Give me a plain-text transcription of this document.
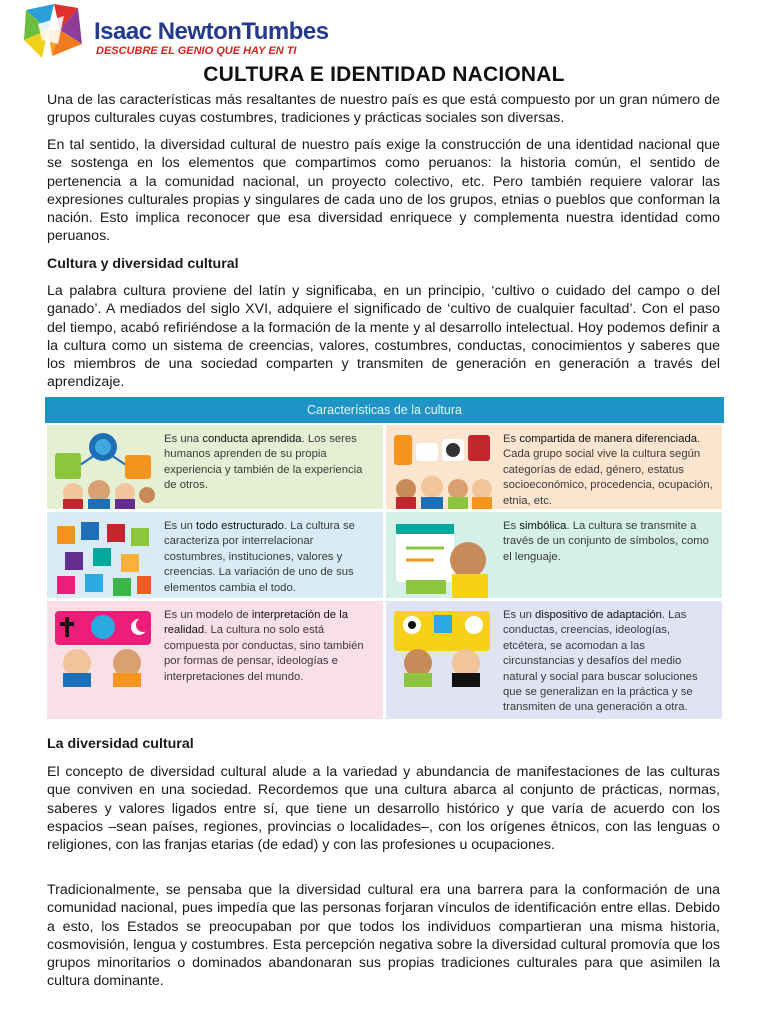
Isaac NewtonTumbes
DESCUBRE EL GENIO QUE HAY EN TI
CULTURA E IDENTIDAD NACIONAL

Una de las características más resaltantes de nuestro país es que está compuesto por un gran número de grupos culturales cuyas costumbres, tradiciones y prácticas sociales son diversas.

En tal sentido, la diversidad cultural de nuestro país exige la construcción de una identidad nacional que se sostenga en los elementos que compartimos como peruanos: la historia común, el sentido de pertenencia a la comunidad nacional, un proyecto colectivo, etc. Pero también requiere valorar las expresiones culturales propias y singulares de cada uno de los grupos, etnias o pueblos que conforman la nación. Esto implica reconocer que esa diversidad enriquece y complementa nuestra identidad como peruanos.

Cultura y diversidad cultural

La palabra cultura proviene del latín y significaba, en un principio, ‘cultivo o cuidado del campo o del ganado’. A mediados del siglo XVI, adquiere el significado de ‘cultivo de cualquier facultad’. Con el paso del tiempo, acabó refiriéndose a la formación de la mente y al desarrollo intelectual. Hoy podemos definir a la cultura como un sistema de creencias, valores, costumbres, conductas, conocimientos y saberes que los miembros de una sociedad comparten y transmiten de generación en generación a través del aprendizaje.

Características de la cultura

Es una conducta aprendida. Los seres humanos aprenden de su propia experiencia y también de la experiencia de otros.

Es compartida de manera diferenciada. Cada grupo social vive la cultura según categorías de edad, género, estatus socioeconómico, procedencia, ocupación, etnia, etc.

Es un todo estructurado. La cultura se caracteriza por interrelacionar costumbres, instituciones, valores y creencias. La variación de uno de sus elementos cambia el todo.

Es simbólica. La cultura se transmite a través de un conjunto de símbolos, como el lenguaje.

Es un modelo de interpretación de la realidad. La cultura no solo está compuesta por conductas, sino también por formas de pensar, ideologías e interpretaciones del mundo.

Es un dispositivo de adaptación. Las conductas, creencias, ideologías, etcétera, se acomodan a las circunstancias y desafíos del medio natural y social para buscar soluciones que se generalizan en la práctica y se transmiten de una generación a otra.

La diversidad cultural

El concepto de diversidad cultural alude a la variedad y abundancia de manifestaciones de las culturas que conviven en una sociedad. Recordemos que una cultura abarca al conjunto de prácticas, normas, saberes y valores ligados entre sí, que tiene un desarrollo histórico y que varía de acuerdo con los espacios –sean países, regiones, provincias o localidades–, con los orígenes étnicos, con las lenguas o religiones, con las franjas etarias (de edad) y con las profesiones u ocupaciones.

Tradicionalmente, se pensaba que la diversidad cultural era una barrera para la conformación de una comunidad nacional, pues impedía que las personas forjaran vínculos de identificación entre ellas. Debido a esto, los Estados se preocupaban por que todos los individuos compartieran una misma historia, cosmovisión, lengua y costumbres. Esta percepción negativa sobre la diversidad cultural promovía que los grupos minoritarios o dominados abandonaran sus propias tradiciones culturales para que asimilen la cultura dominante.
